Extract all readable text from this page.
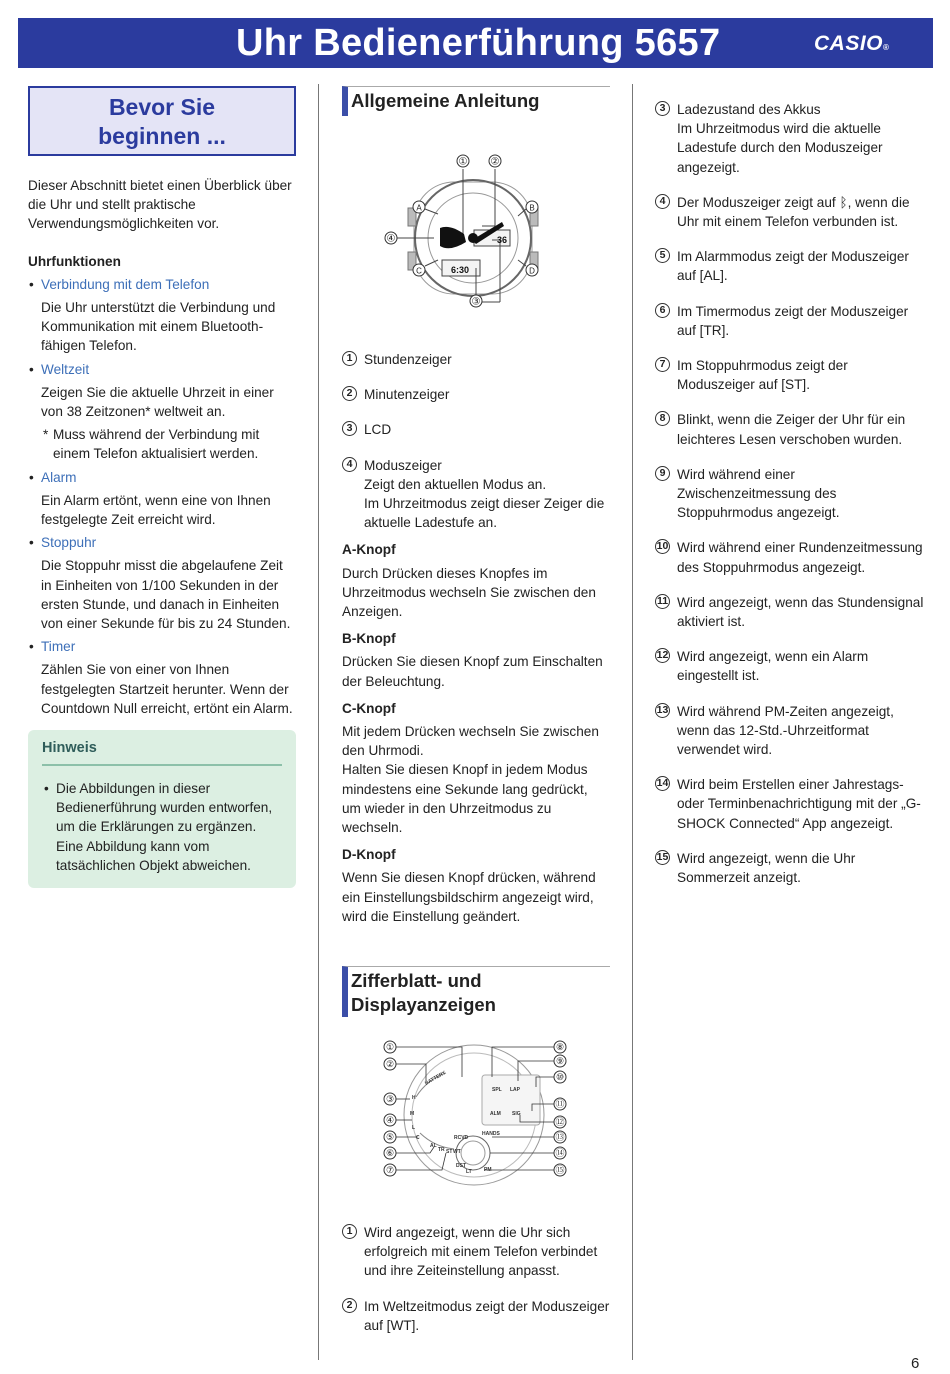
Uhr Bedienerführung 5657	CASIO®
Bevor Sie
beginnen ...

Dieser Abschnitt bietet einen Überblick über die Uhr und stellt praktische Verwendungsmöglichkeiten vor.

Uhrfunktionen

• Verbindung mit dem Telefon

Die Uhr unterstützt die Verbindung und Kommunikation mit einem Bluetooth-fähigen Telefon.

• Weltzeit

Zeigen Sie die aktuelle Uhrzeit in einer von 38 Zeitzonen* weltweit an.

* Muss während der Verbindung mit einem Telefon aktualisiert werden.

• Alarm

Ein Alarm ertönt, wenn eine von Ihnen festgelegte Zeit erreicht wird.

• Stoppuhr

Die Stoppuhr misst die abgelaufene Zeit in Einheiten von 1/100 Sekunden in der ersten Stunde, und danach in Einheiten von einer Sekunde für bis zu 24 Stunden.

• Timer

Zählen Sie von einer von Ihnen festgelegten Startzeit herunter. Wenn der Countdown Null erreicht, ertönt ein Alarm.

Hinweis

• Die Abbildungen in dieser Bedienerführung wurden entworfen, um die Erklärungen zu ergänzen. Eine Abbildung kann vom tatsächlichen Objekt abweichen.

Allgemeine Anleitung
36
6:30
① ②
③
④
A	B
C	D
1 Stundenzeiger

2 Minutenzeiger

3 LCD

4 Moduszeiger

Zeigt den aktuellen Modus an.

Im Uhrzeitmodus zeigt dieser Zeiger die aktuelle Ladestufe an.

A-Knopf

Durch Drücken dieses Knopfes im Uhrzeitmodus wechseln Sie zwischen den Anzeigen.

B-Knopf

Drücken Sie diesen Knopf zum Einschalten der Beleuchtung.

C-Knopf

Mit jedem Drücken wechseln Sie zwischen den Uhrmodi.

Halten Sie diesen Knopf in jedem Modus mindestens eine Sekunde lang gedrückt, um wieder in den Uhrzeitmodus zu wechseln.

D-Knopf

Wenn Sie diesen Knopf drücken, während ein Einstellungsbildschirm angezeigt wird, wird die Einstellung geändert.

Zifferblatt- und
Displayanzeigen
BATTERY
H
M
L
C
AL
TR ST WT
SPL LAP
ALM SIG
RCVD
DST
LT PM
HANDS
①
②
③
④
⑤
⑥
⑦
⑧
⑨
⑩
⑪
⑫
⑬
⑭
⑮
1 Wird angezeigt, wenn die Uhr sich erfolgreich mit einem Telefon verbindet und ihre Zeiteinstellung anpasst.

2 Im Weltzeitmodus zeigt der Moduszeiger auf [WT].

3 Ladezustand des Akkus

Im Uhrzeitmodus wird die aktuelle Ladestufe durch den Moduszeiger angezeigt.

4 Der Moduszeiger zeigt auf ᛒ, wenn die Uhr mit einem Telefon verbunden ist.

5 Im Alarmmodus zeigt der Moduszeiger auf [AL].

6 Im Timermodus zeigt der Moduszeiger auf [TR].

7 Im Stoppuhrmodus zeigt der Moduszeiger auf [ST].

8 Blinkt, wenn die Zeiger der Uhr für ein leichteres Lesen verschoben wurden.

9 Wird während einer Zwischenzeitmessung des Stoppuhrmodus angezeigt.

10 Wird während einer Rundenzeitmessung des Stoppuhrmodus angezeigt.

11 Wird angezeigt, wenn das Stundensignal aktiviert ist.

12 Wird angezeigt, wenn ein Alarm eingestellt ist.

13 Wird während PM-Zeiten angezeigt, wenn das 12-Std.-Uhrzeitformat verwendet wird.

14 Wird beim Erstellen einer Jahrestags- oder Terminbenachrichtigung mit der „G-SHOCK Connected“ App angezeigt.

15 Wird angezeigt, wenn die Uhr Sommerzeit anzeigt.

6
